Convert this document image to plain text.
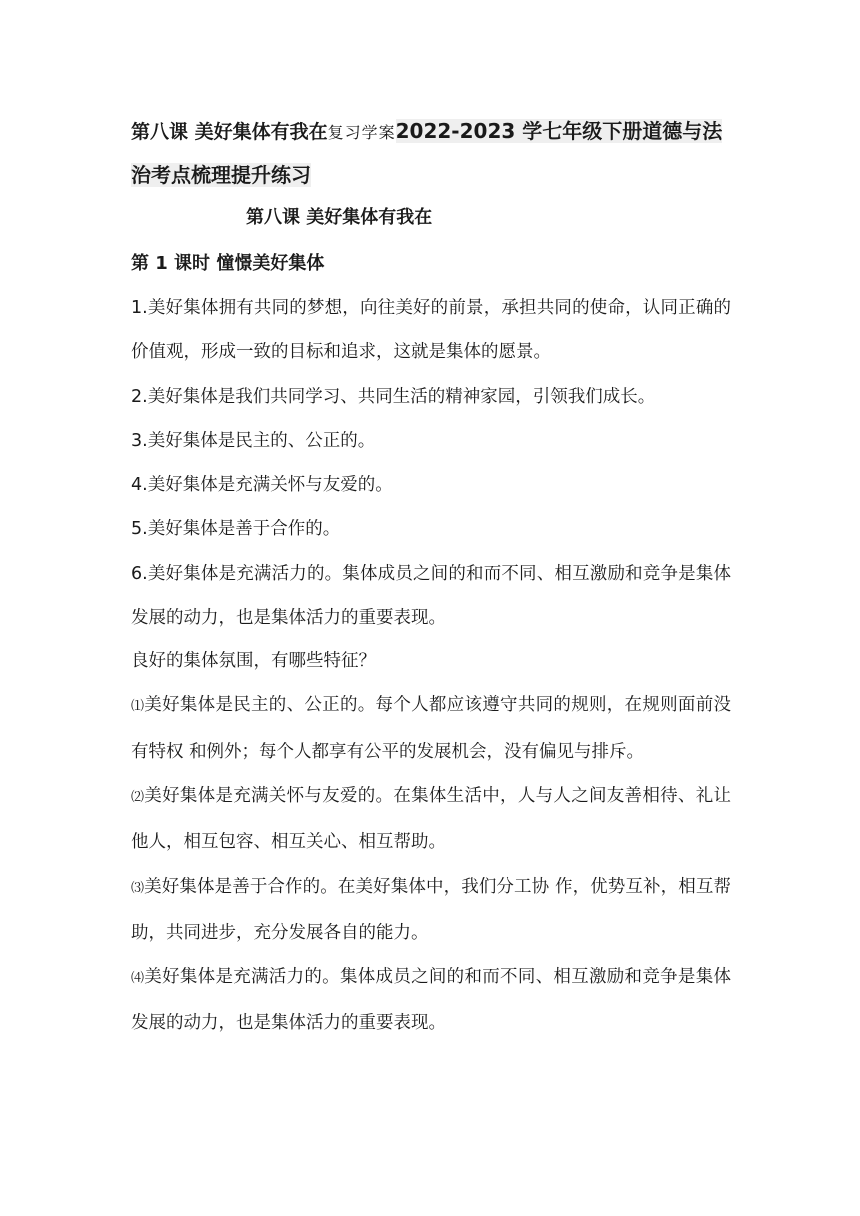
第八课 美好集体有我在复习学案2022-2023 学七年级下册道德与法
治考点梳理提升练习
第八课 美好集体有我在
第 1 课时 憧憬美好集体

1.美好集体拥有共同的梦想，向往美好的前景，承担共同的使命，认同正确的价值观，形成一致的目标和追求，这就是集体的愿景。

2.美好集体是我们共同学习、共同生活的精神家园，引领我们成长。

3.美好集体是民主的、公正的。

4.美好集体是充满关怀与友爱的。

5.美好集体是善于合作的。

6.美好集体是充满活力的。集体成员之间的和而不同、相互激励和竞争是集体发展的动力，也是集体活力的重要表现。

良好的集体氛围，有哪些特征？

⑴美好集体是民主的、公正的。每个人都应该遵守共同的规则，在规则面前没有特权 和例外；每个人都享有公平的发展机会，没有偏见与排斥。

⑵美好集体是充满关怀与友爱的。在集体生活中，人与人之间友善相待、礼让他人，相互包容、相互关心、相互帮助。

⑶美好集体是善于合作的。在美好集体中，我们分工协 作，优势互补，相互帮助，共同进步，充分发展各自的能力。

⑷美好集体是充满活力的。集体成员之间的和而不同、相互激励和竞争是集体发展的动力，也是集体活力的重要表现。
